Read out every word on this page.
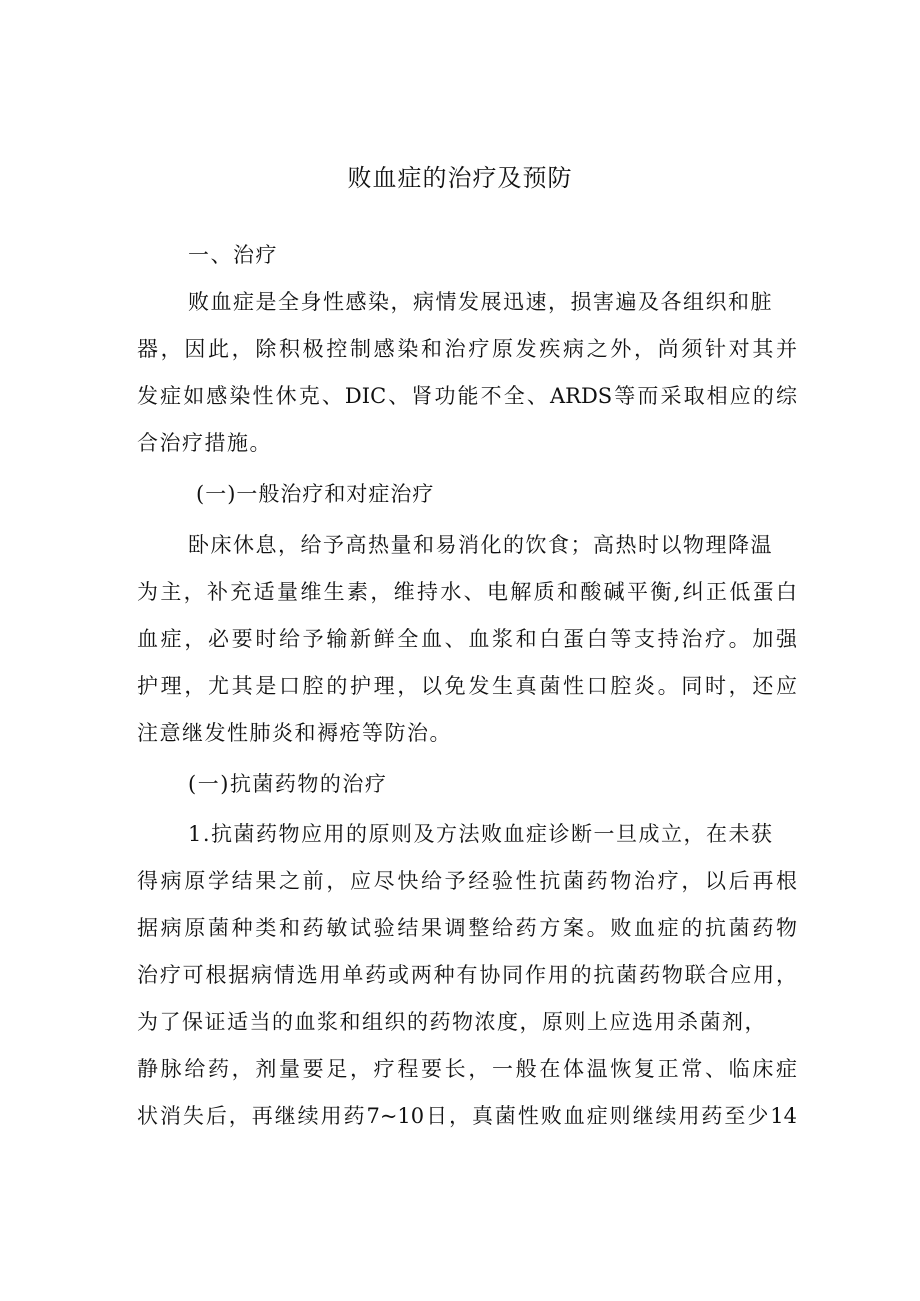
败血症的治疗及预防

一、治疗

败血症是全身性感染，病情发展迅速，损害遍及各组织和脏

器，因此，除积极控制感染和治疗原发疾病之外，尚须针对其并

发症如感染性休克、DIC、肾功能不全、ARDS等而采取相应的综

合治疗措施。

(一)一般治疗和对症治疗

卧床休息，给予高热量和易消化的饮食；高热时以物理降温

为主，补充适量维生素，维持水、电解质和酸碱平衡,纠正低蛋白

血症，必要时给予输新鲜全血、血浆和白蛋白等支持治疗。加强

护理，尤其是口腔的护理，以免发生真菌性口腔炎。同时，还应

注意继发性肺炎和褥疮等防治。

(一)抗菌药物的治疗

1.抗菌药物应用的原则及方法败血症诊断一旦成立，在未获

得病原学结果之前，应尽快给予经验性抗菌药物治疗，以后再根

据病原菌种类和药敏试验结果调整给药方案。败血症的抗菌药物

治疗可根据病情选用单药或两种有协同作用的抗菌药物联合应用，

为了保证适当的血浆和组织的药物浓度，原则上应选用杀菌剂，

静脉给药，剂量要足，疗程要长，一般在体温恢复正常、临床症

状消失后，再继续用药7~10日，真菌性败血症则继续用药至少14
